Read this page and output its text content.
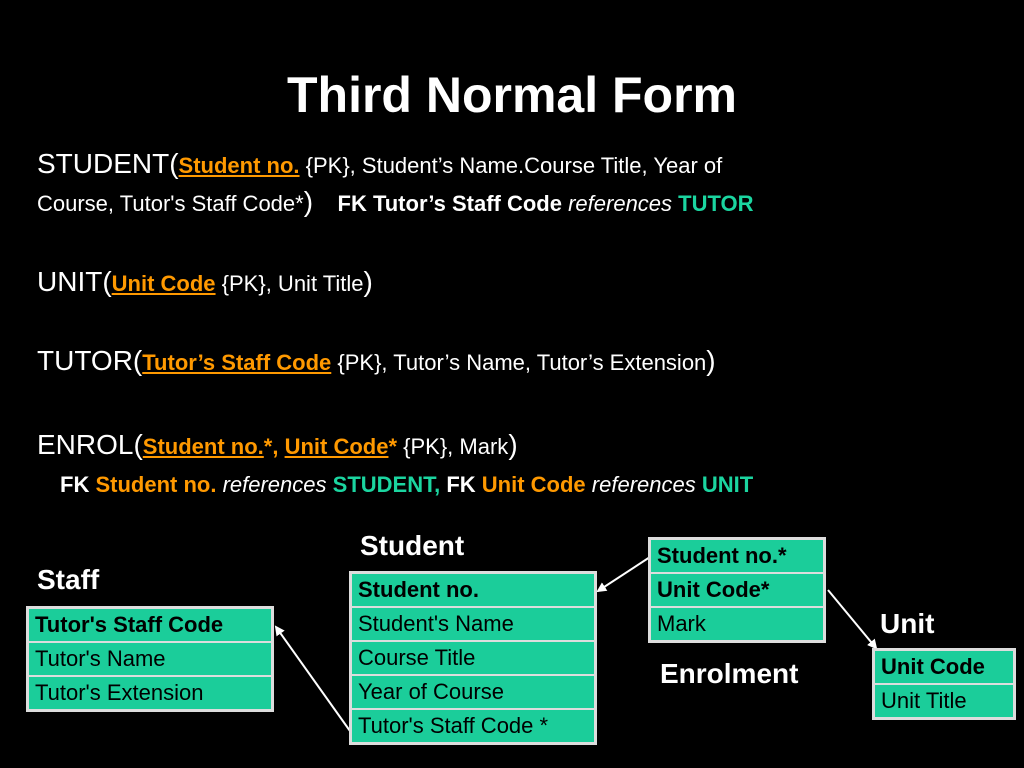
Third Normal Form
STUDENT(Student no. {PK}, Student’s Name.Course Title, Year of
Course, Tutor's Staff Code*) FK Tutor’s Staff Code references TUTOR
UNIT(Unit Code {PK}, Unit Title)
TUTOR(Tutor’s Staff Code {PK}, Tutor’s Name, Tutor’s Extension)
ENROL(Student no.*, Unit Code* {PK}, Mark)
FK Student no. references STUDENT, FK Unit Code references UNIT
Staff
Student
Enrolment
Unit
Tutor's Staff Code
Tutor's Name
Tutor's Extension
Student no.
Student's Name
Course Title
Year of Course
Tutor's Staff Code *
Student no.*
Unit Code*
Mark
Unit Code
Unit Title
